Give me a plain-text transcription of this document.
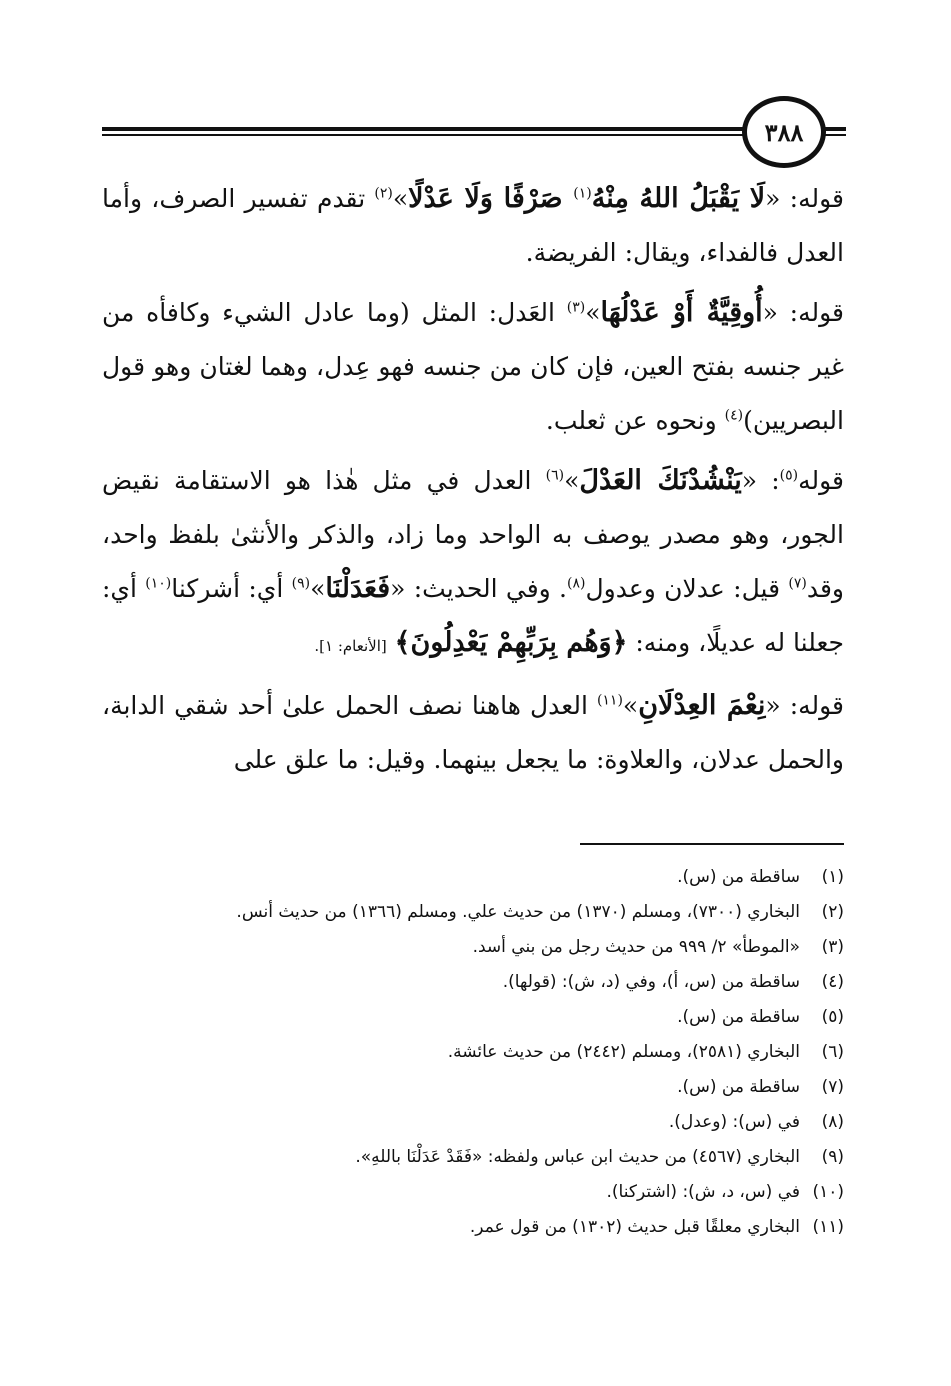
٣٨٨

قوله: «لَا يَقْبَلُ اللهُ مِنْهُ$^{(١)}$ صَرْفًا وَلَا عَدْلًا»$^{(٢)}$ تقدم تفسير الصرف، وأما العدل فالفداء، ويقال: الفريضة.

قوله: «أُوقِيَّةٌ أَوْ عَدْلُهَا»$^{(٣)}$ العَدل: المثل (وما عادل الشيء وكافأه من غير جنسه بفتح العين، فإن كان من جنسه فهو عِدل، وهما لغتان وهو قول البصريين)$^{(٤)}$ ونحوه عن ثعلب.

قوله$^{(٥)}$: «يَنْشُدْنَكَ العَدْلَ»$^{(٦)}$ العدل في مثل هٰذا هو الاستقامة نقيض الجور، وهو مصدر يوصف به الواحد وما زاد، والذكر والأنثىٰ بلفظ واحد، وقد$^{(٧)}$ قيل: عدلان وعدول$^{(٨)}$. وفي الحديث: «فَعَدَلْنَا»$^{(٩)}$ أي: أشركنا$^{(١٠)}$ أي: جعلنا له عديلًا، ومنه: ﴿وَهُم بِرَبِّهِمْ يَعْدِلُونَ﴾ [الأنعام: ١].

قوله: «نِعْمَ العِدْلَانِ»$^{(١١)}$ العدل هاهنا نصف الحمل علىٰ أحد شقي الدابة، والحمل عدلان، والعلاوة: ما يجعل بينهما. وقيل: ما علق على

(١)ساقطة من (س).
(٢)البخاري (٧٣٠٠)، ومسلم (١٣٧٠) من حديث علي. ومسلم (١٣٦٦) من حديث أنس.
(٣)«الموطأ» ٢/ ٩٩٩ من حديث رجل من بني أسد.
(٤)ساقطة من (س، أ)، وفي (د، ش): (قولها).
(٥)ساقطة من (س).
(٦)البخاري (٢٥٨١)، ومسلم (٢٤٤٢) من حديث عائشة.
(٧)ساقطة من (س).
(٨)في (س): (وعدل).
(٩)البخاري (٤٥٦٧) من حديث ابن عباس ولفظه: «فَقَدْ عَدَلْنَا باللهِ».
(١٠)في (س، د، ش): (اشتركنا).
(١١)البخاري معلقًا قبل حديث (١٣٠٢) من قول عمر.
